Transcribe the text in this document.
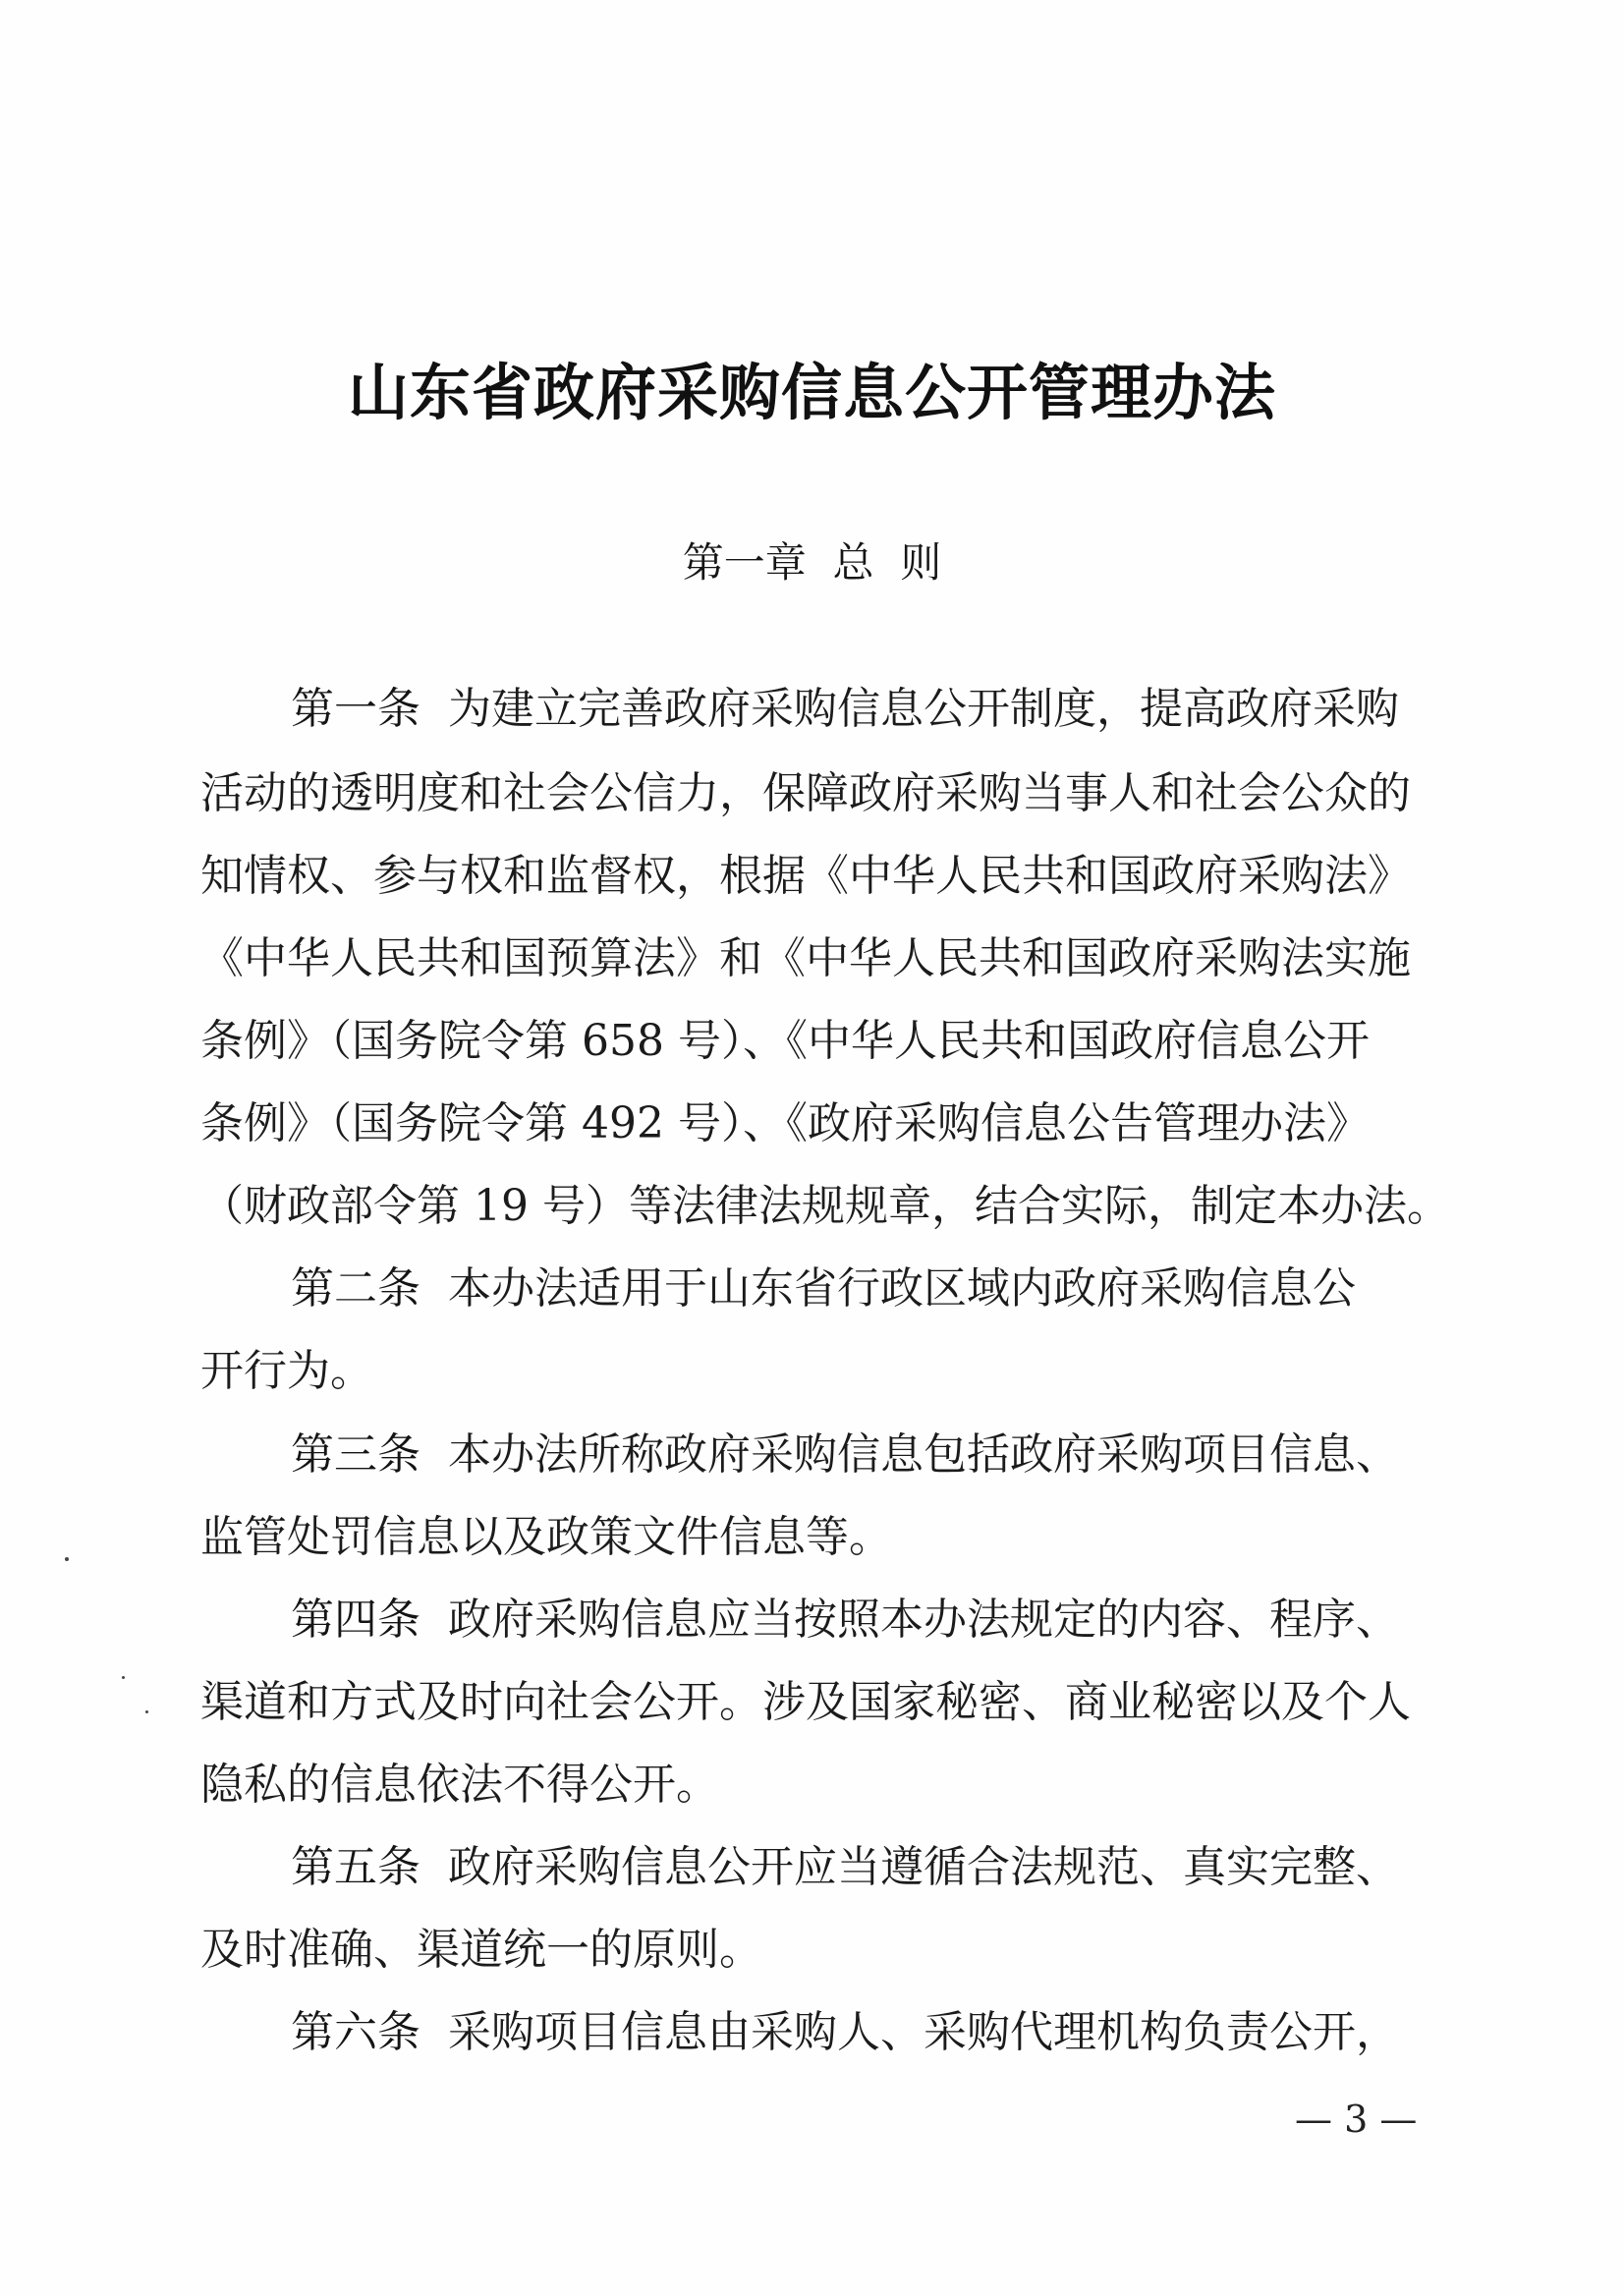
山东省政府采购信息公开管理办法
第一章  总  则
第一条  为建立完善政府采购信息公开制度，提高政府采购
活动的透明度和社会公信力，保障政府采购当事人和社会公众的
知情权、参与权和监督权，根据《中华人民共和国政府采购法》
《中华人民共和国预算法》和《中华人民共和国政府采购法实施
条例》（国务院令第 658 号）、《中华人民共和国政府信息公开
条例》（国务院令第 492 号）、《政府采购信息公告管理办法》
（财政部令第 19 号）等法律法规规章，结合实际，制定本办法。
第二条  本办法适用于山东省行政区域内政府采购信息公
开行为。
第三条  本办法所称政府采购信息包括政府采购项目信息、
监管处罚信息以及政策文件信息等。
第四条  政府采购信息应当按照本办法规定的内容、程序、
渠道和方式及时向社会公开。涉及国家秘密、商业秘密以及个人
隐私的信息依法不得公开。
第五条  政府采购信息公开应当遵循合法规范、真实完整、
及时准确、渠道统一的原则。
第六条  采购项目信息由采购人、采购代理机构负责公开，
— 3 —
